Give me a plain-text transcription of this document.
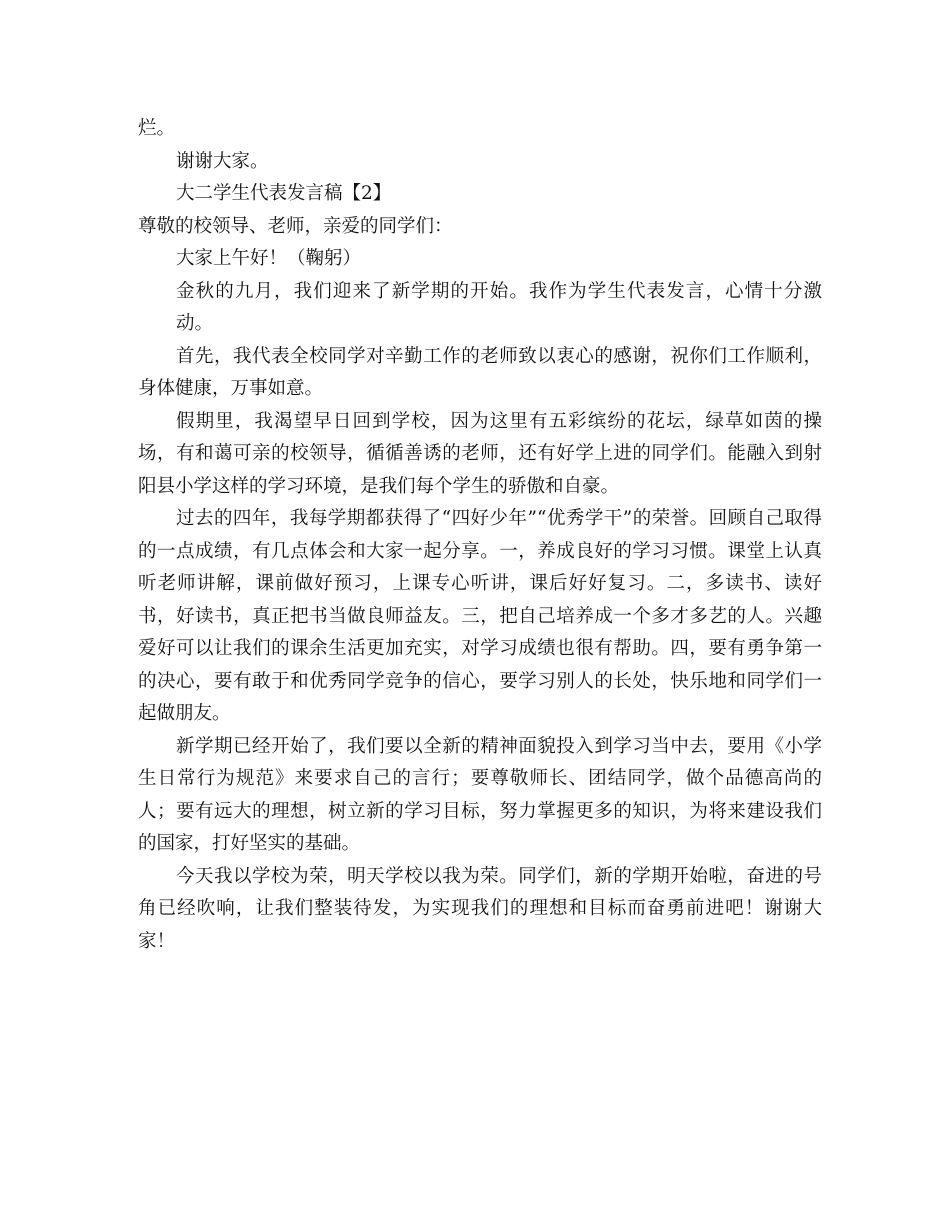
烂。

谢谢大家。

大二学生代表发言稿【2】

尊敬的校领导、老师，亲爱的同学们：

大家上午好！（鞠躬）

金秋的九月，我们迎来了新学期的开始。我作为学生代表发言，心情十分激动。

首先，我代表全校同学对辛勤工作的老师致以衷心的感谢，祝你们工作顺利，身体健康，万事如意。

假期里，我渴望早日回到学校，因为这里有五彩缤纷的花坛，绿草如茵的操场，有和蔼可亲的校领导，循循善诱的老师，还有好学上进的同学们。能融入到射阳县小学这样的学习环境，是我们每个学生的骄傲和自豪。

过去的四年，我每学期都获得了“四好少年”“优秀学干”的荣誉。回顾自己取得的一点成绩，有几点体会和大家一起分享。一，养成良好的学习习惯。课堂上认真听老师讲解，课前做好预习，上课专心听讲，课后好好复习。二，多读书、读好书，好读书，真正把书当做良师益友。三，把自己培养成一个多才多艺的人。兴趣爱好可以让我们的课余生活更加充实，对学习成绩也很有帮助。四，要有勇争第一的决心，要有敢于和优秀同学竞争的信心，要学习别人的长处，快乐地和同学们一起做朋友。

新学期已经开始了，我们要以全新的精神面貌投入到学习当中去，要用《小学生日常行为规范》来要求自己的言行；要尊敬师长、团结同学，做个品德高尚的人；要有远大的理想，树立新的学习目标，努力掌握更多的知识，为将来建设我们的国家，打好坚实的基础。

今天我以学校为荣，明天学校以我为荣。同学们，新的学期开始啦，奋进的号角已经吹响，让我们整装待发，为实现我们的理想和目标而奋勇前进吧！谢谢大家！
